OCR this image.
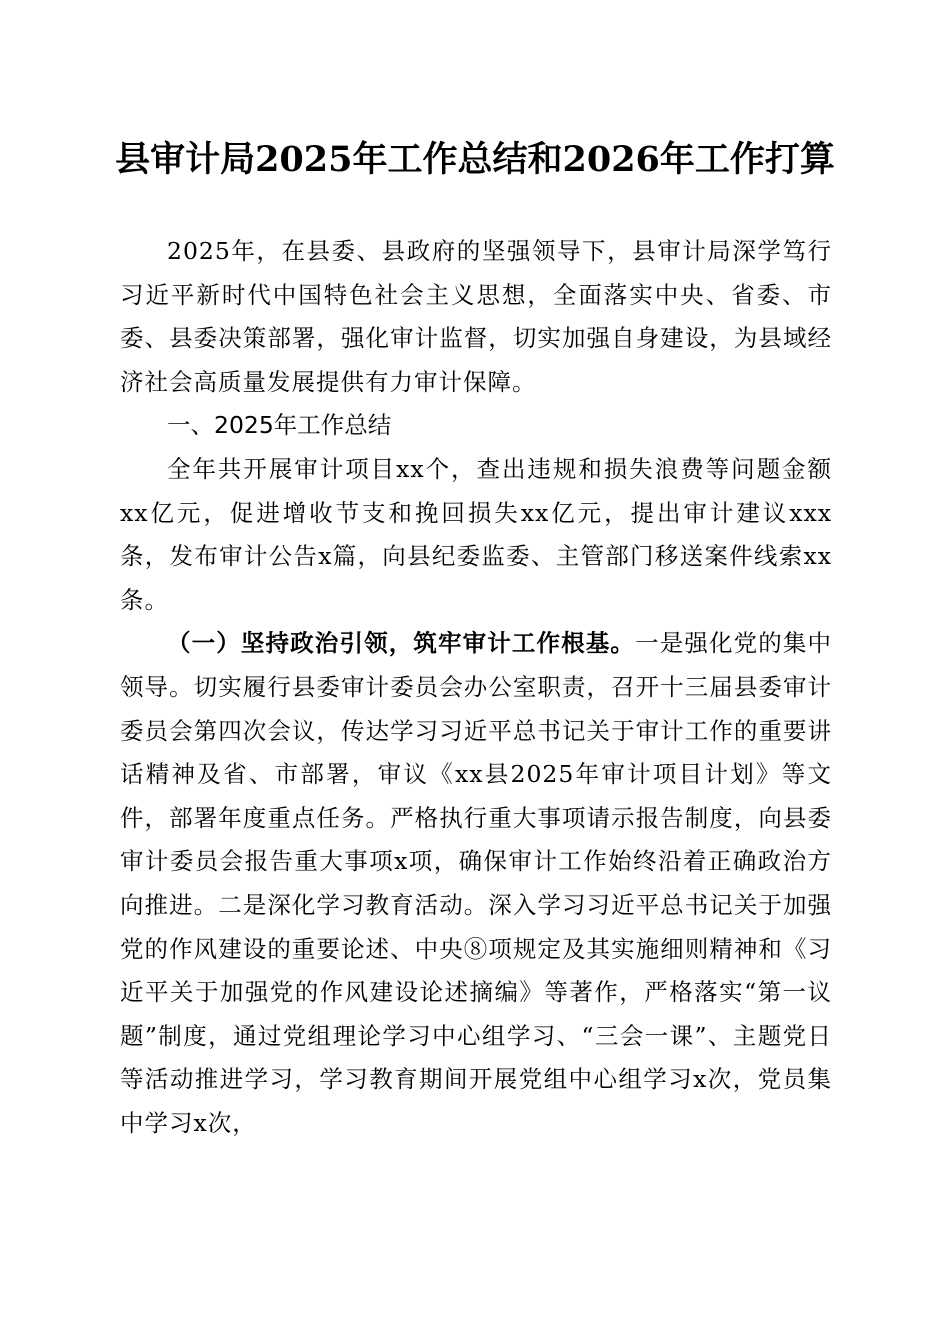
县审计局2025年工作总结和2026年工作打算

2025年，在县委、县政府的坚强领导下，县审计局深学笃行习近平新时代中国特色社会主义思想，全面落实中央、省委、市委、县委决策部署，强化审计监督，切实加强自身建设，为县域经济社会高质量发展提供有力审计保障。

一、2025年工作总结

全年共开展审计项目xx个，查出违规和损失浪费等问题金额xx亿元，促进增收节支和挽回损失xx亿元，提出审计建议xxx条，发布审计公告x篇，向县纪委监委、主管部门移送案件线索xx条。

（一）坚持政治引领，筑牢审计工作根基。一是强化党的集中领导。切实履行县委审计委员会办公室职责，召开十三届县委审计委员会第四次会议，传达学习习近平总书记关于审计工作的重要讲话精神及省、市部署，审议《xx县2025年审计项目计划》等文件，部署年度重点任务。严格执行重大事项请示报告制度，向县委审计委员会报告重大事项x项，确保审计工作始终沿着正确政治方向推进。二是深化学习教育活动。深入学习习近平总书记关于加强党的作风建设的重要论述、中央⑧项规定及其实施细则精神和《习近平关于加强党的作风建设论述摘编》等著作，严格落实“第一议题”制度，通过党组理论学习中心组学习、“三会一课”、主题党日等活动推进学习，学习教育期间开展党组中心组学习x次，党员集中学习x次，
